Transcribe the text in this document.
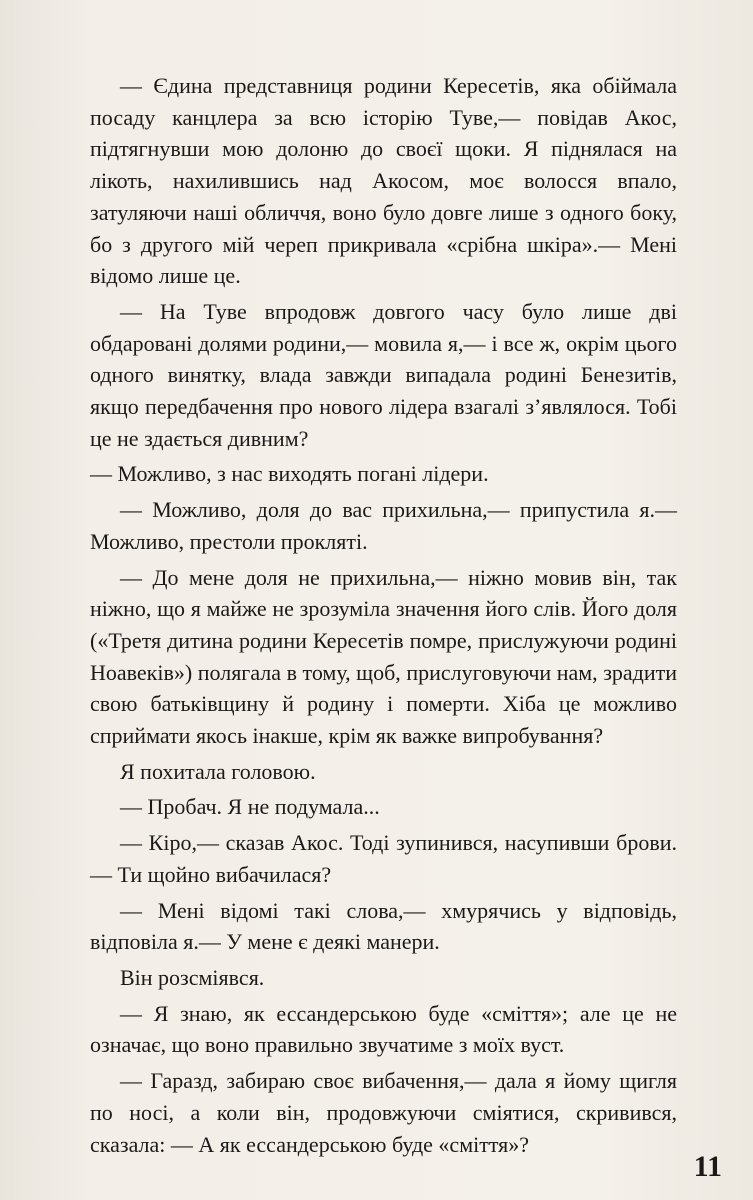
— Єдина представниця родини Кересетів, яка обіймала посаду канцлера за всю історію Туве,— повідав Акос, підтягнувши мою долоню до своєї щоки. Я піднялася на лікоть, нахилившись над Акосом, моє волосся впало, затуляючи наші обличчя, воно було довге лише з одного боку, бо з другого мій череп прикривала «срібна шкіра».— Мені відомо лише це.

— На Туве впродовж довгого часу було лише дві обдаровані долями родини,— мовила я,— і все ж, окрім цього одного винятку, влада завжди випадала родині Бенезитів, якщо передбачення про нового лідера взагалі з’являлося. Тобі це не здається дивним?

— Можливо, з нас виходять погані лідери.

— Можливо, доля до вас прихильна,— припустила я.— Можливо, престоли прокляті.

— До мене доля не прихильна,— ніжно мовив він, так ніжно, що я майже не зрозуміла значення його слів. Його доля («Третя дитина родини Кересетів помре, прислужуючи родині Ноавеків») полягала в тому, щоб, прислуговуючи нам, зрадити свою батьківщину й родину і померти. Хіба це можливо сприймати якось інакше, крім як важке випробування?

Я похитала головою.

— Пробач. Я не подумала...

— Кіро,— сказав Акос. Тоді зупинився, насупивши брови.— Ти щойно вибачилася?

— Мені відомі такі слова,— хмурячись у відповідь, відповіла я.— У мене є деякі манери.

Він розсміявся.

— Я знаю, як ессандерською буде «сміття»; але це не означає, що воно правильно звучатиме з моїх вуст.

— Гаразд, забираю своє вибачення,— дала я йому щигля по носі, а коли він, продовжуючи сміятися, скривився, сказала: — А як ессандерською буде «сміття»?

11
